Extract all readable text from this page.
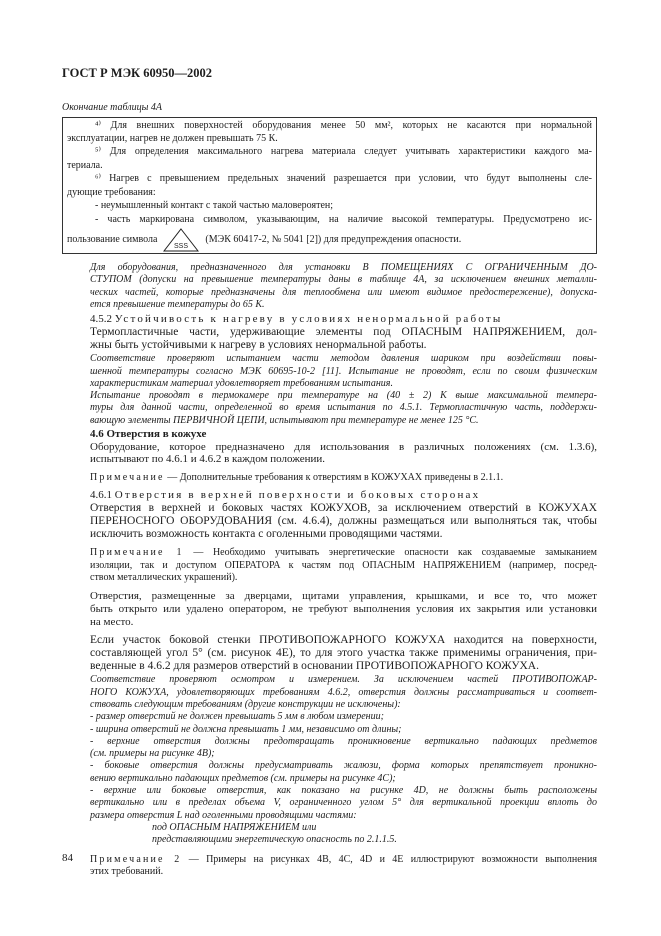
ГОСТ Р МЭК 60950—2002
Окончание таблицы 4А
⁴⁾ Для внешних поверхностей оборудования менее 50 мм², которых не касаются при нормальной
эксплуатации, нагрев не должен превышать 75 К.
⁵⁾ Для определения максимального нагрева материала следует учитывать характеристики каждого ма-
териала.
⁶⁾ Нагрев с превышением предельных значений разрешается при условии, что будут выполнены сле-
дующие требования:
- неумышленный контакт с такой частью маловероятен;
- часть маркирована символом, указывающим, на наличие высокой температуры. Предусмотрено ис-
пользование символа
SSS
(МЭК 60417-2, № 5041 [2]) для предупреждения опасности.

Для оборудования, предназначенного для установки В ПОМЕЩЕНИЯХ С ОГРАНИЧЕННЫМ ДО-
СТУПОМ (допуски на превышение температуры даны в таблице 4А, за исключением внешних металли-
ческих частей, которые предназначены для теплообмена или имеют видимое предостережение), допуска-
ется превышение температуры до 65 К.

4.5.2 Устойчивость к нагреву в условиях ненормальной работы

Термопластичные части, удерживающие элементы под ОПАСНЫМ НАПРЯЖЕНИЕМ, дол-
жны быть устойчивыми к нагреву в условиях ненормальной работы.

Соответствие проверяют испытанием части методом давления шариком при воздействии повы-
шенной температуры согласно МЭК 60695-10-2 [11]. Испытание не проводят, если по своим физическим
характеристикам материал удовлетворяет требованиям испытания.

Испытание проводят в термокамере при температуре на (40 ± 2) К выше максимальной темпера-
туры для данной части, определенной во время испытания по 4.5.1. Термопластичную часть, поддержи-
вающую элементы ПЕРВИЧНОЙ ЦЕПИ, испытывают при температуре не менее 125 °С.

4.6 Отверстия в кожухе

Оборудование, которое предназначено для использования в различных положениях (см. 1.3.6),
испытывают по 4.6.1 и 4.6.2 в каждом положении.

Примечание — Дополнительные требования к отверстиям в КОЖУХАХ приведены в 2.1.1.

4.6.1 Отверстия в верхней поверхности и боковых сторонах

Отверстия в верхней и боковых частях КОЖУХОВ, за исключением отверстий в КОЖУХАХ
ПЕРЕНОСНОГО ОБОРУДОВАНИЯ (см. 4.6.4), должны размещаться или выполняться так, чтобы
исключить возможность контакта с оголенными проводящими частями.

Примечание 1 — Необходимо учитывать энергетические опасности как создаваемые замыканием
изоляции, так и доступом ОПЕРАТОРА к частям под ОПАСНЫМ НАПРЯЖЕНИЕМ (например, посред-
ством металлических украшений).

Отверстия, размещенные за дверцами, щитами управления, крышками, и все то, что может
быть открыто или удалено оператором, не требуют выполнения условия их закрытия или установки
на место.

Если участок боковой стенки ПРОТИВОПОЖАРНОГО КОЖУХА находится на поверхности,
составляющей угол 5° (см. рисунок 4Е), то для этого участка также применимы ограничения, при-
веденные в 4.6.2 для размеров отверстий в основании ПРОТИВОПОЖАРНОГО КОЖУХА.

Соответствие проверяют осмотром и измерением. За исключением частей ПРОТИВОПОЖАР-
НОГО КОЖУХА, удовлетворяющих требованиям 4.6.2, отверстия должны рассматриваться и соответ-
ствовать следующим требованиям (другие конструкции не исключены):

- размер отверстий не должен превышать 5 мм в любом измерении;

- ширина отверстий не должна превышать 1 мм, независимо от длины;

- верхние отверстия должны предотвращать проникновение вертикально падающих предметов
(см. примеры на рисунке 4В);

- боковые отверстия должны предусматривать жалюзи, форма которых препятствует проникно-
вению вертикально падающих предметов (см. примеры на рисунке 4С);

- верхние или боковые отверстия, как показано на рисунке 4D, не должны быть расположены
вертикально или в пределах объема V, ограниченного углом 5° для вертикальной проекции вплоть до
размера отверстия L над оголенными проводящими частями:

под ОПАСНЫМ НАПРЯЖЕНИЕМ или

представляющими энергетическую опасность по 2.1.1.5.

Примечание 2 — Примеры на рисунках 4В, 4С, 4D и 4Е иллюстрируют возможности выполнения
этих требований.

84
